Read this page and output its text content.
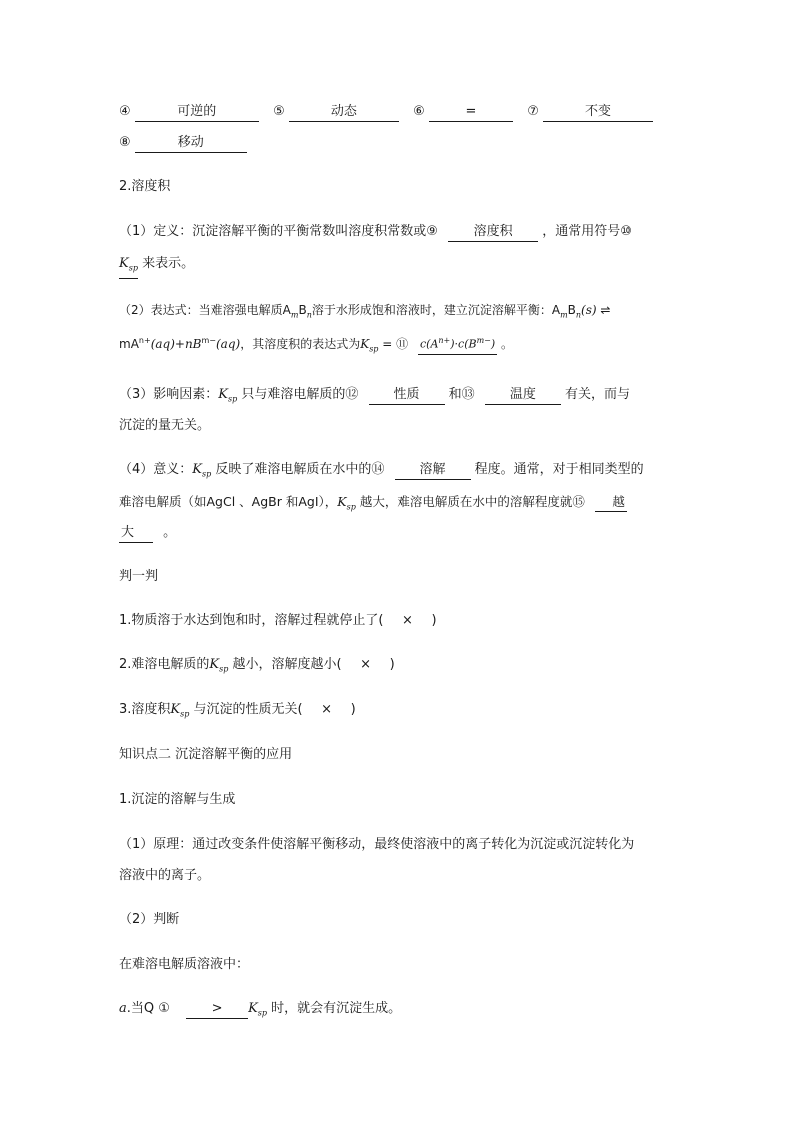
④	可逆的	⑤	动态	⑥	=	⑦	不变
⑧	移动
2.溶度积
（1）定义：沉淀溶解平衡的平衡常数叫溶度积常数或⑨	溶度积 ，通常用符号⑩
$K_{sp}$ 来表示。
（2）表达式：当难溶强电解质$A_mB_n$溶于水形成饱和溶液时，建立沉淀溶解平衡：$A_mB_n(s)$ ⇌
$mA^{n+}(aq)+nB^{m-}(aq)$，其溶度积的表达式为$K_{sp}$ = ⑪ $c(A^{n+})\cdot c(B^{m-})$ 。
（3）影响因素：$K_{sp}$ 只与难溶电解质的⑫	性质 和⑬	温度 有关，而与
沉淀的量无关。
（4）意义：$K_{sp}$ 反映了难溶电解质在水中的⑭	溶解 程度。通常，对于相同类型的
难溶电解质（如AgCl 、AgBr 和AgI），$K_{sp}$ 越大，难溶电解质在水中的溶解程度就⑮ 越
大 。
判一判
1.物质溶于水达到饱和时，溶解过程就停止了( × )
2.难溶电解质的$K_{sp}$ 越小，溶解度越小( × )
3.溶度积$K_{sp}$ 与沉淀的性质无关( × )
知识点二 沉淀溶解平衡的应用
1.沉淀的溶解与生成
（1）原理：通过改变条件使溶解平衡移动，最终使溶液中的离子转化为沉淀或沉淀转化为
溶液中的离子。
（2）判断
在难溶电解质溶液中：
a.当Q ①	> $K_{sp}$ 时，就会有沉淀生成。
